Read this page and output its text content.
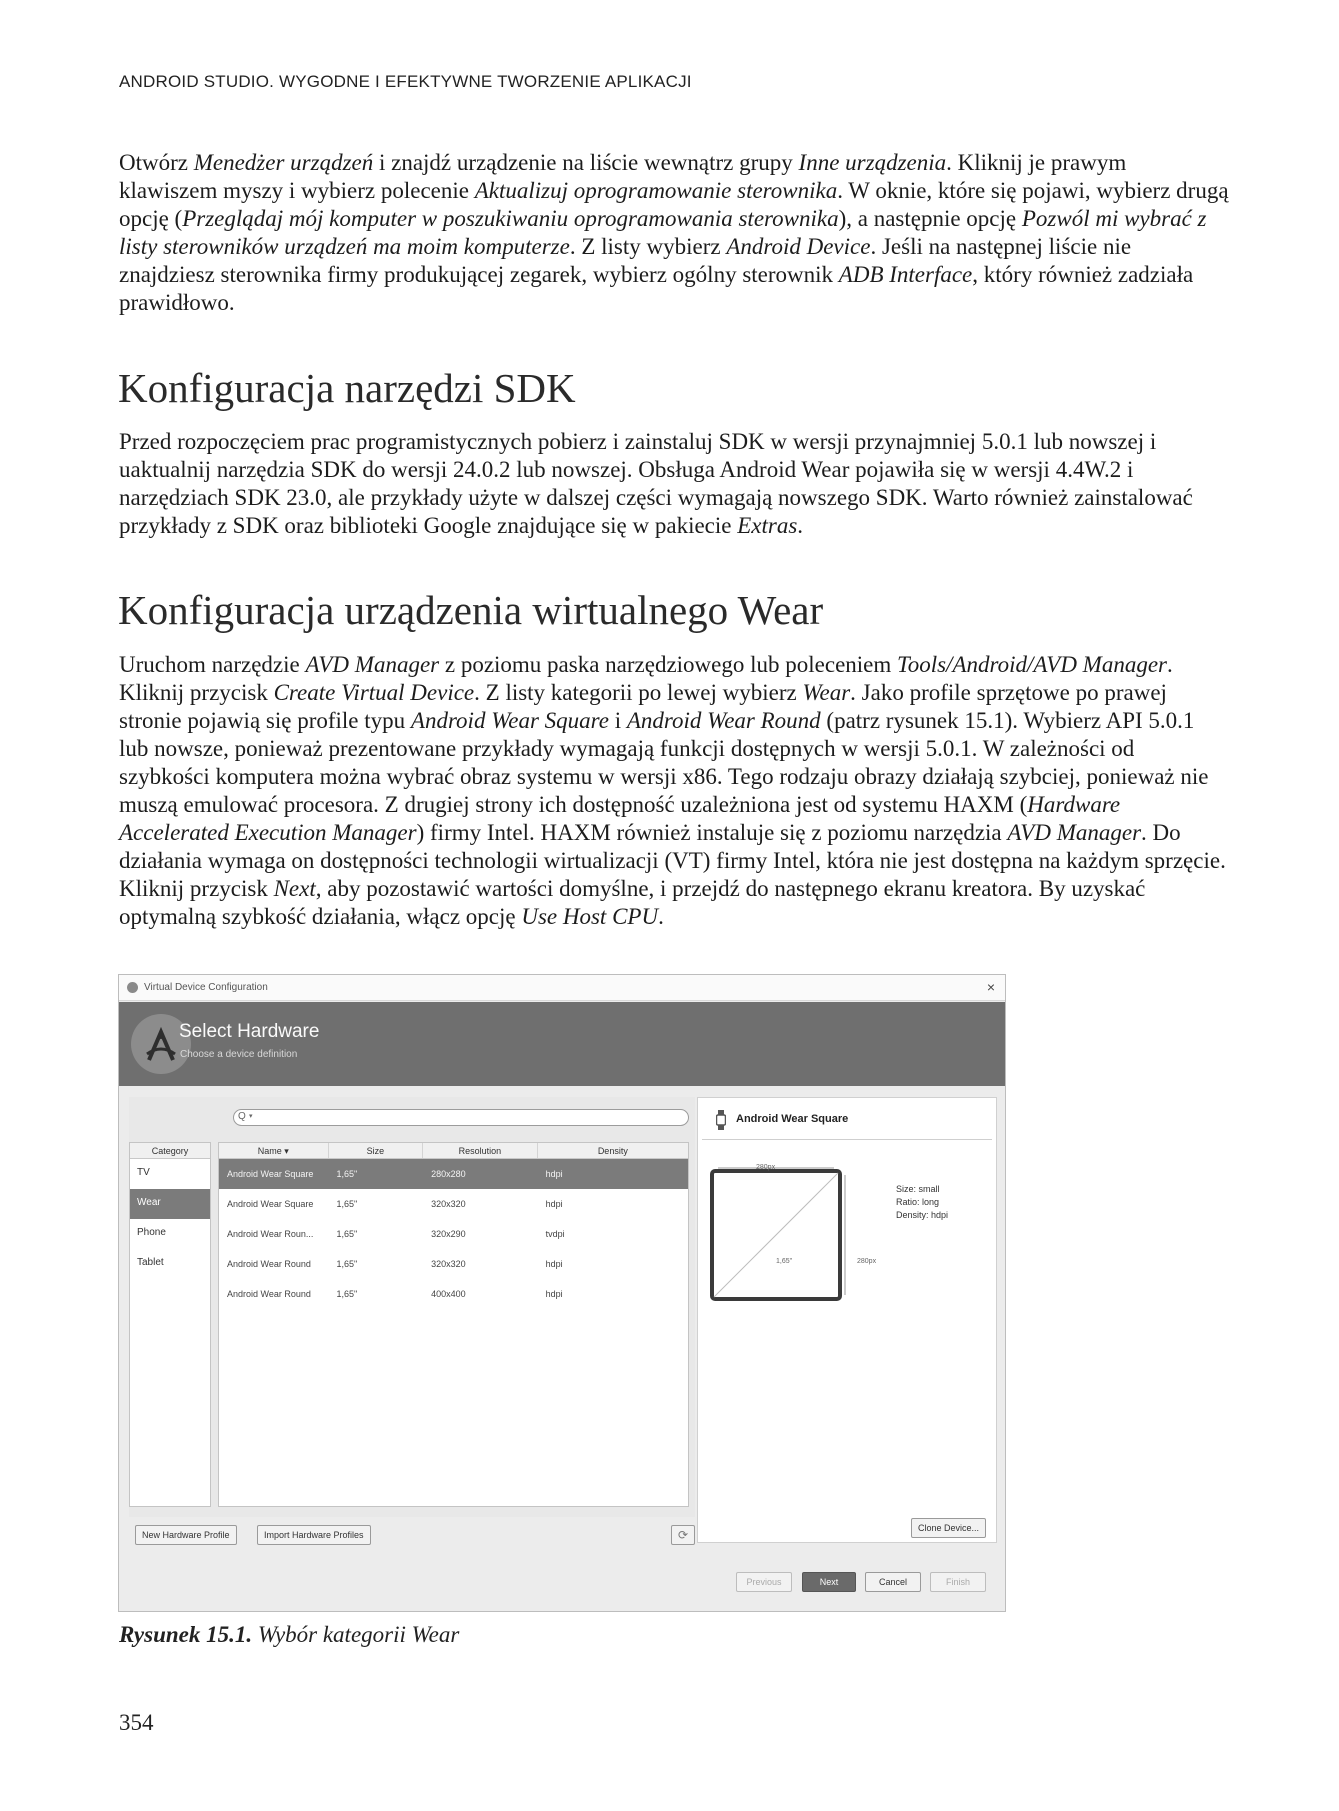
ANDROID STUDIO. WYGODNE I EFEKTYWNE TWORZENIE APLIKACJI

Otwórz Menedżer urządzeń i znajdź urządzenie na liście wewnątrz grupy Inne urządzenia. Kliknij je prawym klawiszem myszy i wybierz polecenie Aktualizuj oprogramowanie sterownika. W oknie, które się pojawi, wybierz drugą opcję (Przeglądaj mój komputer w poszukiwaniu oprogramowania sterownika), a następnie opcję Pozwól mi wybrać z listy sterowników urządzeń ma moim komputerze. Z listy wybierz Android Device. Jeśli na następnej liście nie znajdziesz sterownika firmy produkującej zegarek, wybierz ogólny sterownik ADB Interface, który również zadziała prawidłowo.

Konfiguracja narzędzi SDK

Przed rozpoczęciem prac programistycznych pobierz i zainstaluj SDK w wersji przynajmniej 5.0.1 lub nowszej i uaktualnij narzędzia SDK do wersji 24.0.2 lub nowszej. Obsługa Android Wear pojawiła się w wersji 4.4W.2 i narzędziach SDK 23.0, ale przykłady użyte w dalszej części wymagają nowszego SDK. Warto również zainstalować przykłady z SDK oraz biblioteki Google znajdujące się w pakiecie Extras.

Konfiguracja urządzenia wirtualnego Wear

Uruchom narzędzie AVD Manager z poziomu paska narzędziowego lub poleceniem Tools/Android/AVD Manager. Kliknij przycisk Create Virtual Device. Z listy kategorii po lewej wybierz Wear. Jako profile sprzętowe po prawej stronie pojawią się profile typu Android Wear Square i Android Wear Round (patrz rysunek 15.1). Wybierz API 5.0.1 lub nowsze, ponieważ prezentowane przykłady wymagają funkcji dostępnych w wersji 5.0.1. W zależności od szybkości komputera można wybrać obraz systemu w wersji x86. Tego rodzaju obrazy działają szybciej, ponieważ nie muszą emulować procesora. Z drugiej strony ich dostępność uzależniona jest od systemu HAXM (Hardware Accelerated Execution Manager) firmy Intel. HAXM również instaluje się z poziomu narzędzia AVD Manager. Do działania wymaga on dostępności technologii wirtualizacji (VT) firmy Intel, która nie jest dostępna na każdym sprzęcie. Kliknij przycisk Next, aby pozostawić wartości domyślne, i przejdź do następnego ekranu kreatora. By uzyskać optymalną szybkość działania, włącz opcję Use Host CPU.

Virtual Device Configuration	×
Select Hardware
Choose a device definition
Q ▾
Category
TV
Wear
Phone
Tablet
Name ▾	Size	Resolution	Density
Android Wear Square	1,65"	280x280	hdpi
Android Wear Square	1,65"	320x320	hdpi
Android Wear Roun...	1,65"	320x290	tvdpi
Android Wear Round	1,65"	320x320	hdpi
Android Wear Round	1,65"	400x400	hdpi
New Hardware Profile	Import Hardware Profiles	⟳
Android Wear Square
280px
280px
1,65"
Size: small
Ratio: long
Density: hdpi
Clone Device...
Previous	Next	Cancel	Finish
Rysunek 15.1. Wybór kategorii Wear
354
